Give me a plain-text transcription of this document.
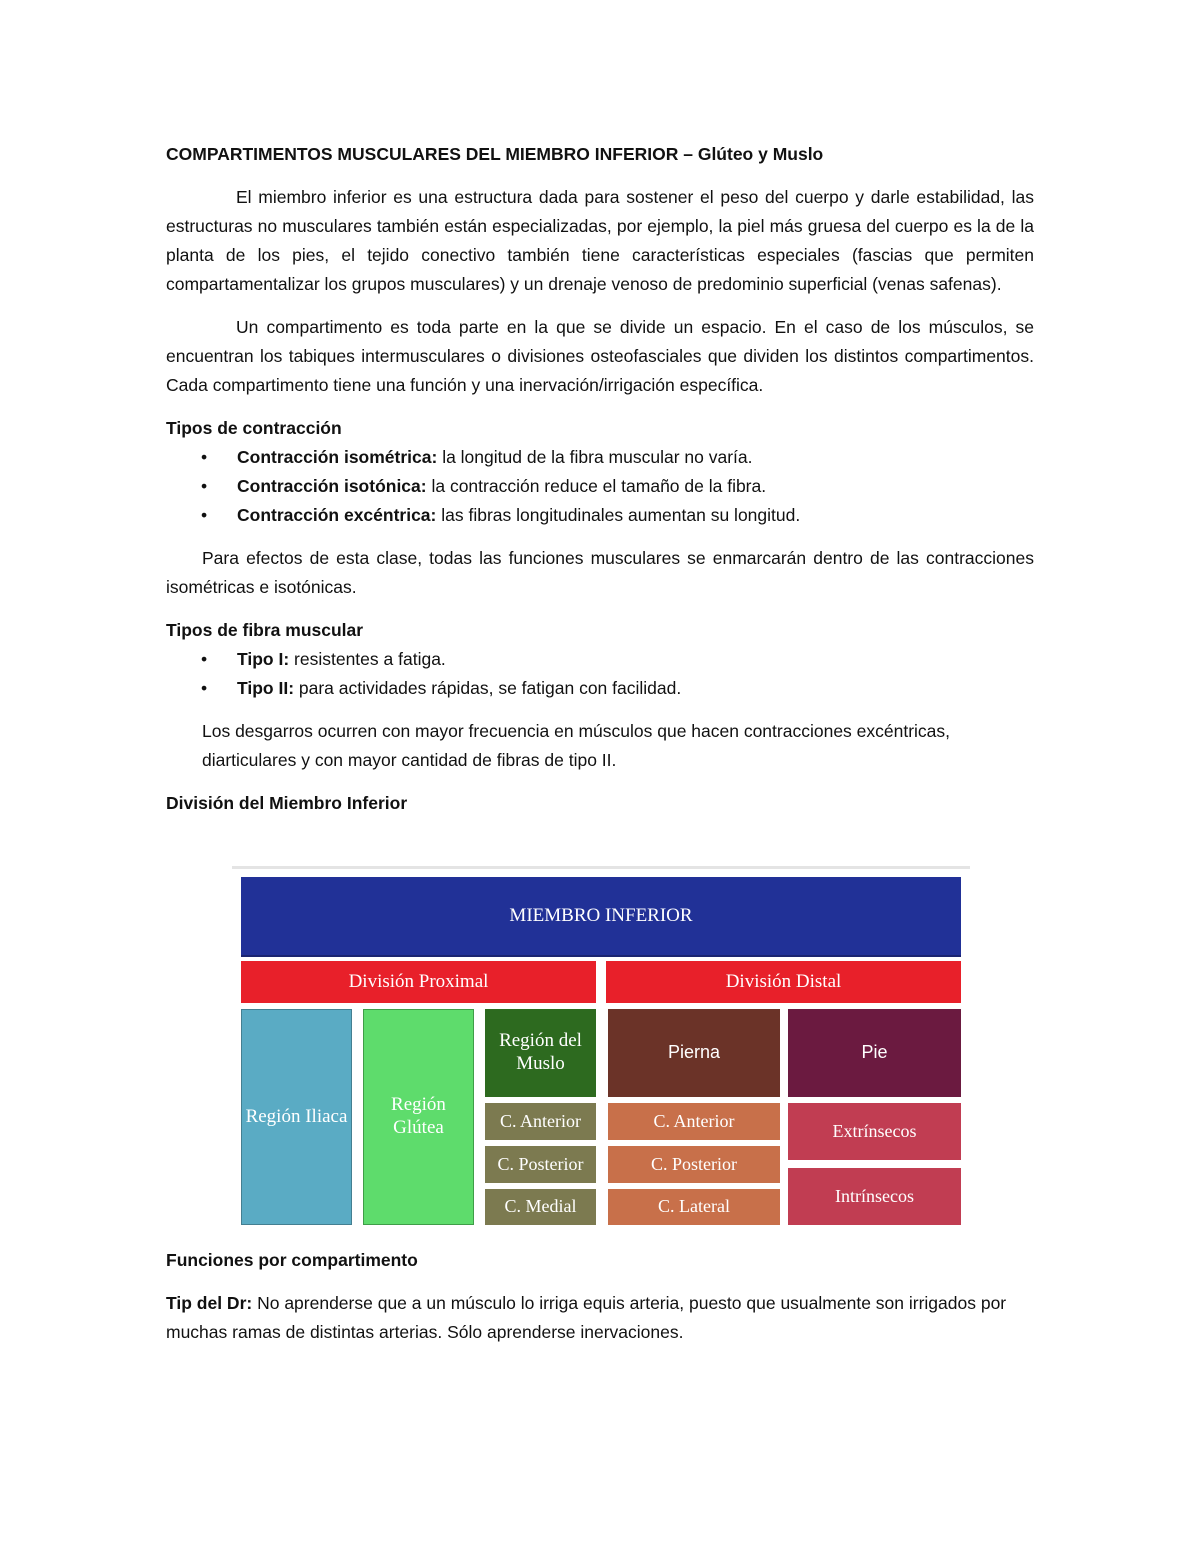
COMPARTIMENTOS MUSCULARES DEL MIEMBRO INFERIOR – Glúteo y Muslo

El miembro inferior es una estructura dada para sostener el peso del cuerpo y darle estabilidad, las estructuras no musculares también están especializadas, por ejemplo, la piel más gruesa del cuerpo es la de la planta de los pies, el tejido conectivo también tiene características especiales (fascias que permiten compartamentalizar los grupos musculares) y un drenaje venoso de predominio superficial (venas safenas).

Un compartimento es toda parte en la que se divide un espacio. En el caso de los músculos, se encuentran los tabiques intermusculares o divisiones osteofasciales que dividen los distintos compartimentos. Cada compartimento tiene una función y una inervación/irrigación específica.

Tipos de contracción

• Contracción isométrica: la longitud de la fibra muscular no varía.
• Contracción isotónica: la contracción reduce el tamaño de la fibra.
• Contracción excéntrica: las fibras longitudinales aumentan su longitud.

Para efectos de esta clase, todas las funciones musculares se enmarcarán dentro de las contracciones isométricas e isotónicas.

Tipos de fibra muscular

• Tipo I: resistentes a fatiga.
• Tipo II: para actividades rápidas, se fatigan con facilidad.

Los desgarros ocurren con mayor frecuencia en músculos que hacen contracciones excéntricas, diarticulares y con mayor cantidad de fibras de tipo II.

División del Miembro Inferior

MIEMBRO INFERIOR
División Proximal	División Distal
Región Iliaca
Región Glútea
Región del Muslo
C. Anterior
C. Posterior
C. Medial
Pierna
C. Anterior
C. Posterior
C. Lateral
Pie
Extrínsecos
Intrínsecos

Funciones por compartimento

Tip del Dr: No aprenderse que a un músculo lo irriga equis arteria, puesto que usualmente son irrigados por muchas ramas de distintas arterias. Sólo aprenderse inervaciones.
